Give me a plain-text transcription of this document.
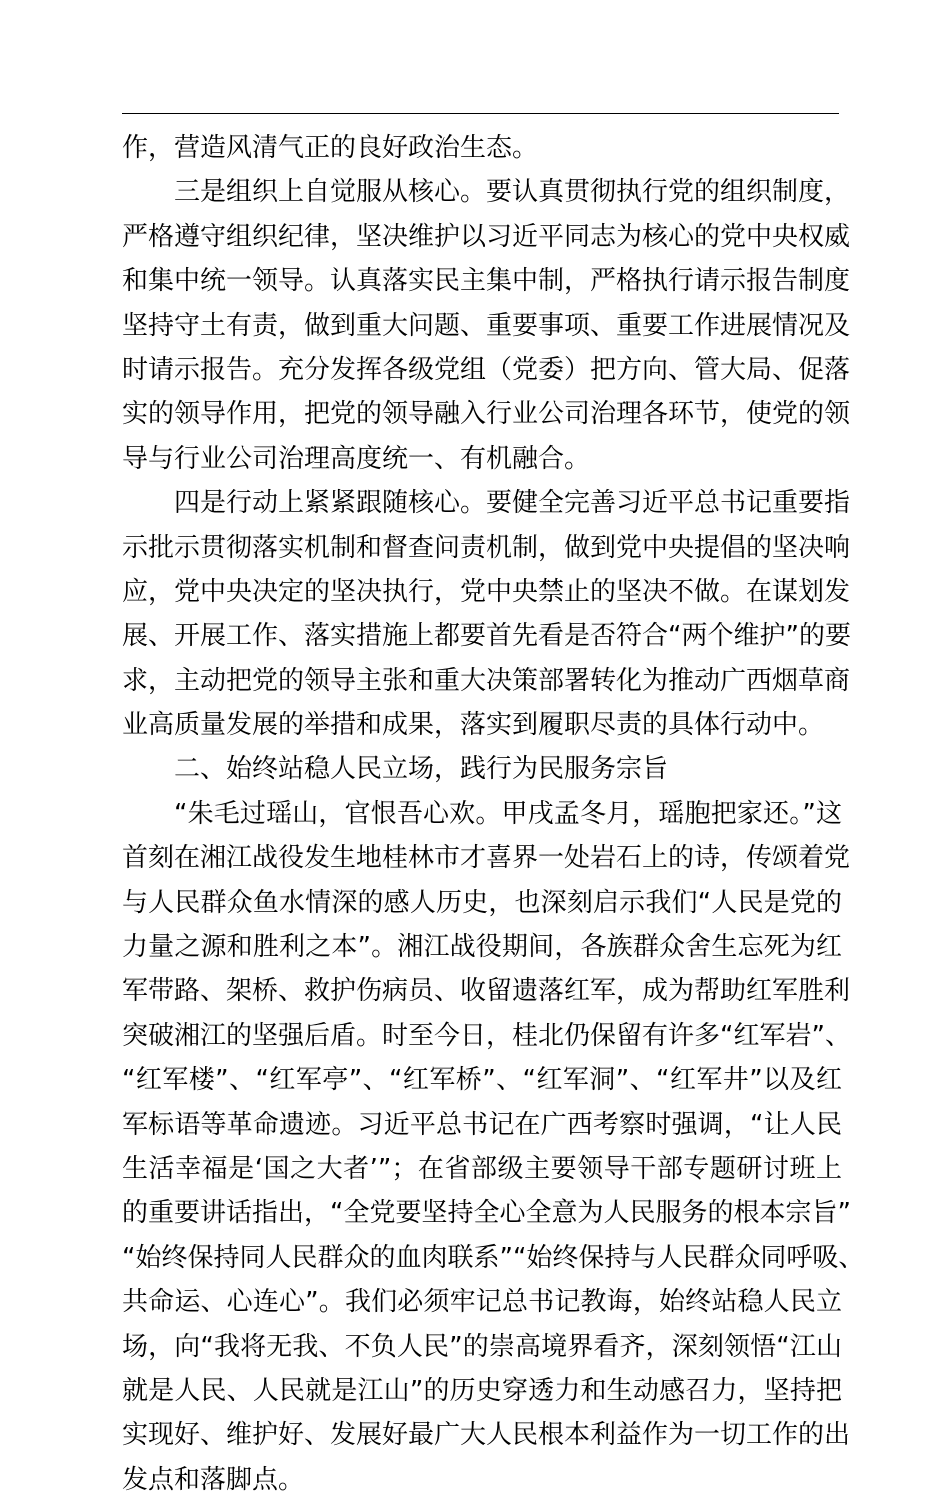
作，营造风清气正的良好政治生态。
三是组织上自觉服从核心。要认真贯彻执行党的组织制度，
严格遵守组织纪律，坚决维护以习近平同志为核心的党中央权威
和集中统一领导。认真落实民主集中制，严格执行请示报告制度
坚持守土有责，做到重大问题、重要事项、重要工作进展情况及
时请示报告。充分发挥各级党组（党委）把方向、管大局、促落
实的领导作用，把党的领导融入行业公司治理各环节，使党的领
导与行业公司治理高度统一、有机融合。
四是行动上紧紧跟随核心。要健全完善习近平总书记重要指
示批示贯彻落实机制和督查问责机制，做到党中央提倡的坚决响
应，党中央决定的坚决执行，党中央禁止的坚决不做。在谋划发
展、开展工作、落实措施上都要首先看是否符合“两个维护”的要
求，主动把党的领导主张和重大决策部署转化为推动广西烟草商
业高质量发展的举措和成果，落实到履职尽责的具体行动中。
二、始终站稳人民立场，践行为民服务宗旨
“朱毛过瑶山，官恨吾心欢。甲戌孟冬月，瑶胞把家还。”这
首刻在湘江战役发生地桂林市才喜界一处岩石上的诗，传颂着党
与人民群众鱼水情深的感人历史，也深刻启示我们“人民是党的
力量之源和胜利之本”。湘江战役期间，各族群众舍生忘死为红
军带路、架桥、救护伤病员、收留遗落红军，成为帮助红军胜利
突破湘江的坚强后盾。时至今日，桂北仍保留有许多“红军岩”、
“红军楼”、“红军亭”、“红军桥”、“红军洞”、“红军井”以及红
军标语等革命遗迹。习近平总书记在广西考察时强调，“让人民
生活幸福是‘国之大者’”；在省部级主要领导干部专题研讨班上
的重要讲话指出，“全党要坚持全心全意为人民服务的根本宗旨”
“始终保持同人民群众的血肉联系”“始终保持与人民群众同呼吸、
共命运、心连心”。我们必须牢记总书记教诲，始终站稳人民立
场，向“我将无我、不负人民”的崇高境界看齐，深刻领悟“江山
就是人民、人民就是江山”的历史穿透力和生动感召力，坚持把
实现好、维护好、发展好最广大人民根本利益作为一切工作的出
发点和落脚点。
